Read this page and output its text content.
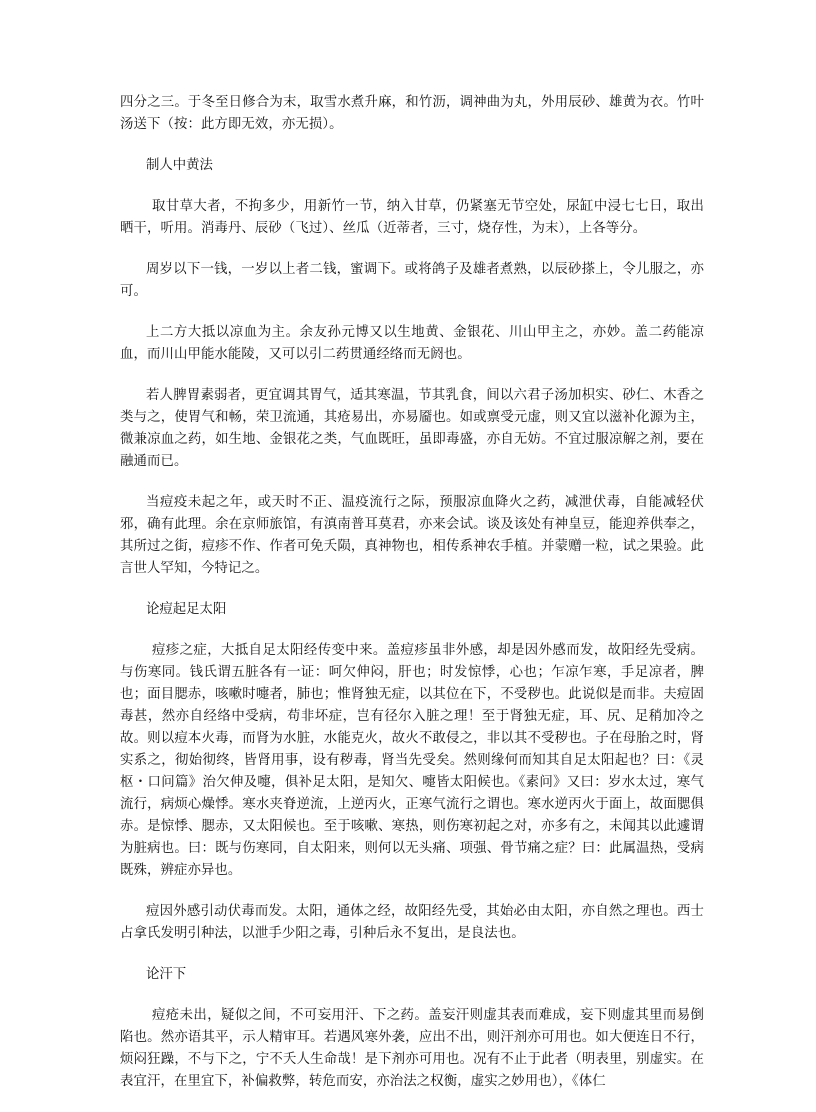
四分之三。于冬至日修合为末，取雪水煮升麻，和竹沥，调神曲为丸，外用辰砂、雄黄为衣。竹叶汤送下（按：此方即无效，亦无损）。

制人中黄法

取甘草大者，不拘多少，用新竹一节，纳入甘草，仍紧塞无节空处，尿缸中浸七七日，取出晒干，听用。消毒丹、辰砂（飞过）、丝瓜（近蒂者，三寸，烧存性，为末），上各等分。

周岁以下一钱，一岁以上者二钱，蜜调下。或将鸽子及雄者煮熟，以辰砂搽上，令儿服之，亦可。

上二方大抵以凉血为主。余友孙元博又以生地黄、金银花、川山甲主之，亦妙。盖二药能凉血，而川山甲能水能陵，又可以引二药贯通经络而无阏也。

若人脾胃素弱者，更宜调其胃气，适其寒温，节其乳食，间以六君子汤加枳实、砂仁、木香之类与之，使胃气和畅，荣卫流通，其疮易出，亦易靥也。如或禀受元虚，则又宜以滋补化源为主，微兼凉血之药，如生地、金银花之类，气血既旺，虽即毒盛，亦自无妨。不宜过服凉解之剂，要在融通而已。

当痘疫未起之年，或天时不正、温疫流行之际，预服凉血降火之药，减泄伏毒，自能减轻伏邪，确有此理。余在京师旅馆，有滇南普耳莫君，亦来会试。谈及该处有神皇豆，能迎养供奉之，其所过之街，痘疹不作、作者可免夭陨，真神物也，相传系神农手植。并蒙赠一粒，试之果验。此言世人罕知，今特记之。

论痘起足太阳

痘疹之症，大抵自足太阳经传变中来。盖痘疹虽非外感，却是因外感而发，故阳经先受病。与伤寒同。钱氏谓五脏各有一证：呵欠伸闷，肝也；时发惊悸，心也；乍凉乍寒，手足凉者，脾也；面目腮赤，咳嗽时嚏者，肺也；惟肾独无症，以其位在下，不受秽也。此说似是而非。夫痘固毒甚，然亦自经络中受病，苟非坏症，岂有径尔入脏之理！至于肾独无症，耳、尻、足稍加冷之故。则以痘本火毒，而肾为水脏，水能克火，故火不敢侵之，非以其不受秽也。子在母胎之时，肾实系之，彻始彻终，皆肾用事，设有秽毒，肾当先受矣。然则缘何而知其自足太阳起也？曰：《灵枢・口问篇》治欠伸及嚏，俱补足太阳，是知欠、嚏皆太阳候也。《素问》又曰：岁水太过，寒气流行，病烦心燥悸。寒水夹脊逆流，上逆丙火，正寒气流行之谓也。寒水逆丙火于面上，故面腮俱赤。是惊悸、腮赤，又太阳候也。至于咳嗽、寒热，则伤寒初起之对，亦多有之，未闻其以此遽谓为脏病也。曰：既与伤寒同，自太阳来，则何以无头痛、项强、骨节痛之症？曰：此属温热，受病既殊，辨症亦异也。

痘因外感引动伏毒而发。太阳，通体之经，故阳经先受，其始必由太阳，亦自然之理也。西士占拿氏发明引种法，以泄手少阳之毒，引种后永不复出，是良法也。

论汗下

痘疮未出，疑似之间，不可妄用汗、下之药。盖妄汗则虚其表而难成，妄下则虚其里而易倒陷也。然亦语其平，示人精审耳。若遇风寒外袭，应出不出，则汗剂亦可用也。如大便连日不行，烦闷狂躁，不与下之，宁不夭人生命哉！是下剂亦可用也。况有不止于此者（明表里，别虚实。在表宜汗，在里宜下，补偏救弊，转危而安，亦治法之权衡，虚实之妙用也），《体仁
